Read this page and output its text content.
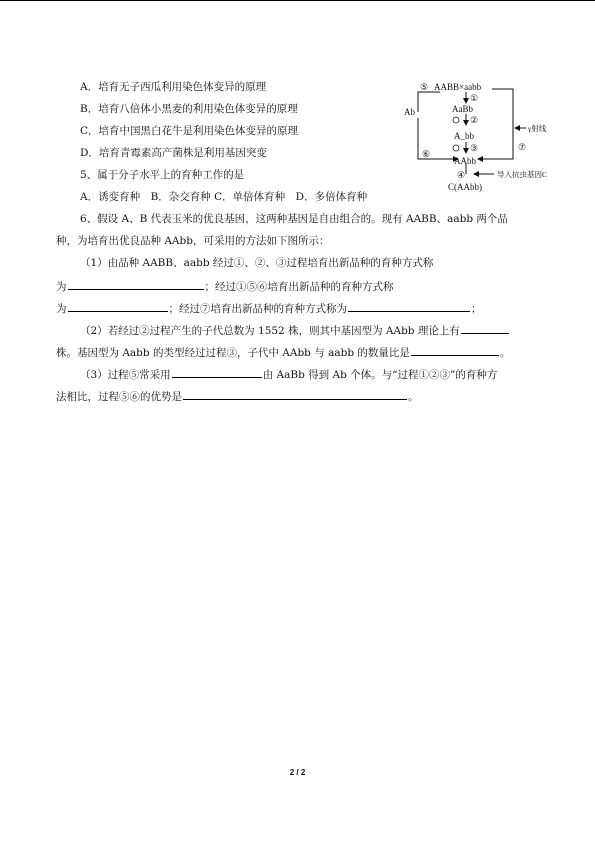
A．培育无子西瓜利用染色体变异的原理
B．培育八倍体小黑麦的利用染色体变异的原理
C．培育中国黑白花牛是利用染色体变异的原理
D．培育青霉素高产菌株是利用基因突变
5、属于分子水平上的育种工作的是
A．诱变育种　B．杂交育种 C．单倍体育种　D．多倍体育种
6、假设 A、B 代表玉米的优良基因，这两种基因是自由组合的。现有 AABB、aabb 两个品
种，为培育出优良品种 AAbb，可采用的方法如下图所示：
（1）由品种 AABB、aabb 经过①、②、③过程培育出新品种的育种方式称
为	；经过①⑤⑥培育出新品种的育种方式称
为	；经过⑦培育出新品种的育种方式称为	；
（2）若经过②过程产生的子代总数为 1552 株，则其中基因型为 AAbb 理论上有
株。基因型为 Aabb 的类型经过过程③，子代中 AAbb 与 aabb 的数量比是	。
（3）过程⑤常采用	由 AaBb 得到 Ab 个体。与“过程①②③”的育种方
法相比，过程⑤⑥的优势是	。
AABB×aabb
①
AaBb
②
A_bb
③
AAbb
④
⑤
Ab
⑥
⑦
γ射线
导入抗虫基因C
C(AAbb)
2 / 2
